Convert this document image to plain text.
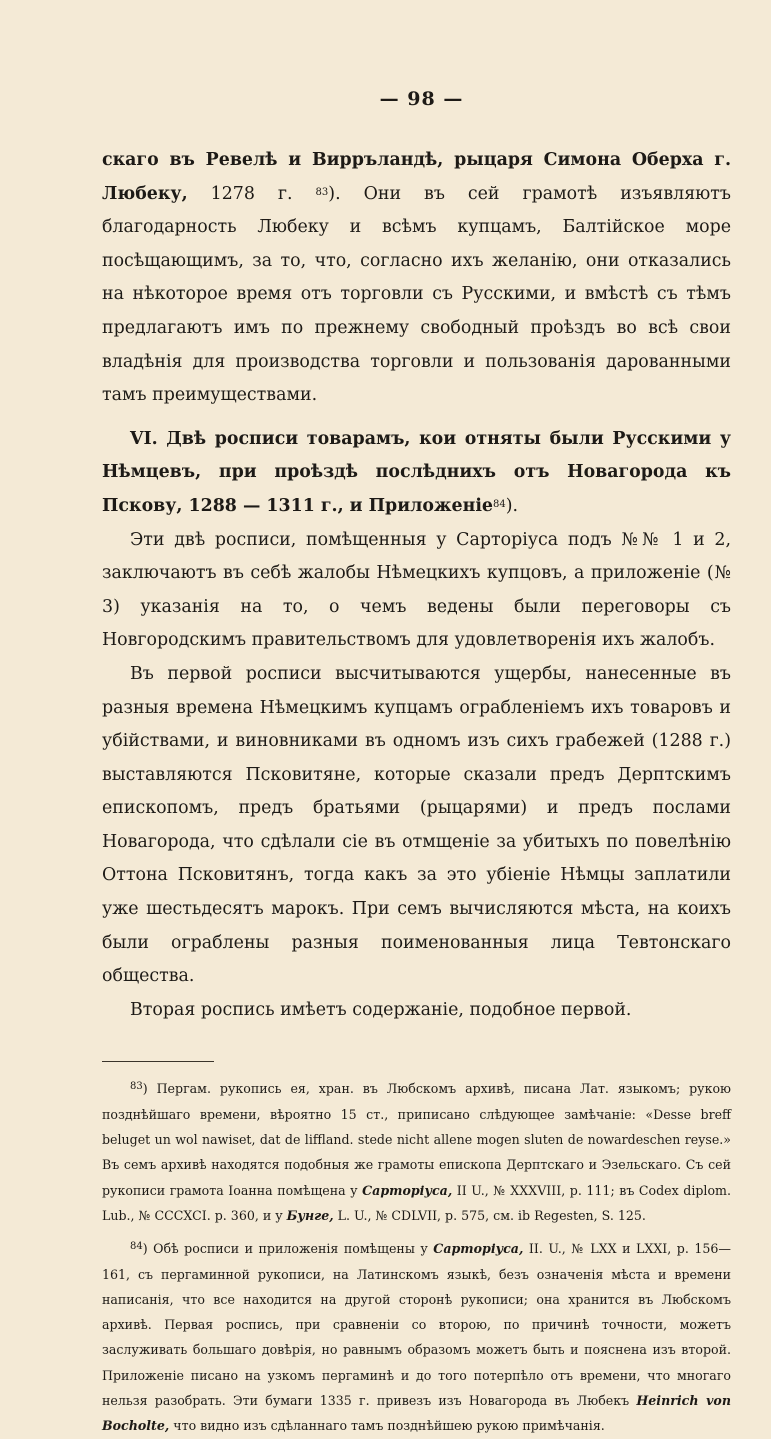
— 98 —

скаго въ Ревелѣ и Вирръландѣ, рыцаря Симона Оберха г. Любеку, 1278 г. $^{83}$). Они въ сей грамотѣ изъявляютъ благодарность Любеку и всѣмъ купцамъ, Балтійское море посѣщающимъ, за то, что, согласно ихъ желанію, они отказались на нѣкоторое время отъ торговли съ Русскими, и вмѣстѣ съ тѣмъ предлагаютъ имъ по прежнему свободный проѣздъ во всѣ свои владѣнія для производства торговли и пользованія дарованными тамъ преимуществами.

VI. Двѣ росписи товарамъ, кои отняты были Русскими у Нѣмцевъ, при проѣздѣ послѣднихъ отъ Новагорода къ Пскову, 1288 — 1311 г., и Приложеніе$^{84}$).

Эти двѣ росписи, помѣщенныя у Сарторіуса подъ №№ 1 и 2, заключаютъ въ себѣ жалобы Нѣмецкихъ купцовъ, а приложеніе (№ 3) указанія на то, о чемъ ведены были переговоры съ Новгородскимъ правительствомъ для удовлетворенія ихъ жалобъ.

Въ первой росписи высчитываются ущербы, нанесенные въ разныя времена Нѣмецкимъ купцамъ ограбленіемъ ихъ товаровъ и убійствами, и виновниками въ одномъ изъ сихъ грабежей (1288 г.) выставляются Псковитяне, которые сказали предъ Дерптскимъ епископомъ, предъ братьями (рыцарями) и предъ послами Новагорода, что сдѣлали сіе въ отмщеніе за убитыхъ по повелѣнію Оттона Псковитянъ, тогда какъ за это убіеніе Нѣмцы заплатили уже шестьдесятъ марокъ. При семъ вычисляются мѣста, на коихъ были ограблены разныя поименованныя лица Тевтонскаго общества.

Вторая роспись имѣетъ содержаніе, подобное первой.

$^{83}$) Пергам. рукопись ея, хран. въ Любскомъ архивѣ, писана Лат. языкомъ; рукою позднѣйшаго времени, вѣроятно 15 ст., приписано слѣдующее замѣчаніе: «Desse breff beluget un wol nawiset, dat de liffland. stede nicht allene mogen sluten de nowardeschen reyse.» Въ семъ архивѣ находятся подобныя же грамоты епископа Дерптскаго и Эзельскаго. Съ сей рукописи грамота Іоанна помѣщена у Сарторіуса, II U., № XXXVIII, p. 111; въ Codex diplom. Lub., № CCCXCI. p. 360, и у Бунге, L. U., № CDLVII, p. 575, см. ib Regesten, S. 125.

$^{84}$) Обѣ росписи и приложенія помѣщены у Сарторіуса, II. U., № LXX и LXXI, p. 156—161, съ пергаминной рукописи, на Латинскомъ языкѣ, безъ означенія мѣста и времени написанія, что все находится на другой сторонѣ рукописи; она хранится въ Любскомъ архивѣ. Первая роспись, при сравненіи со второю, по причинѣ точности, можетъ заслуживать большаго довѣрія, но равнымъ образомъ можетъ быть и пояснена изъ второй. Приложеніе писано на узкомъ пергаминѣ и до того потерпѣло отъ времени, что многаго нельзя разобрать. Эти бумаги 1335 г. привезъ изъ Новагорода въ Любекъ Heinrich von Bocholte, что видно изъ сдѣланнаго тамъ позднѣйшею рукою примѣчанія.
